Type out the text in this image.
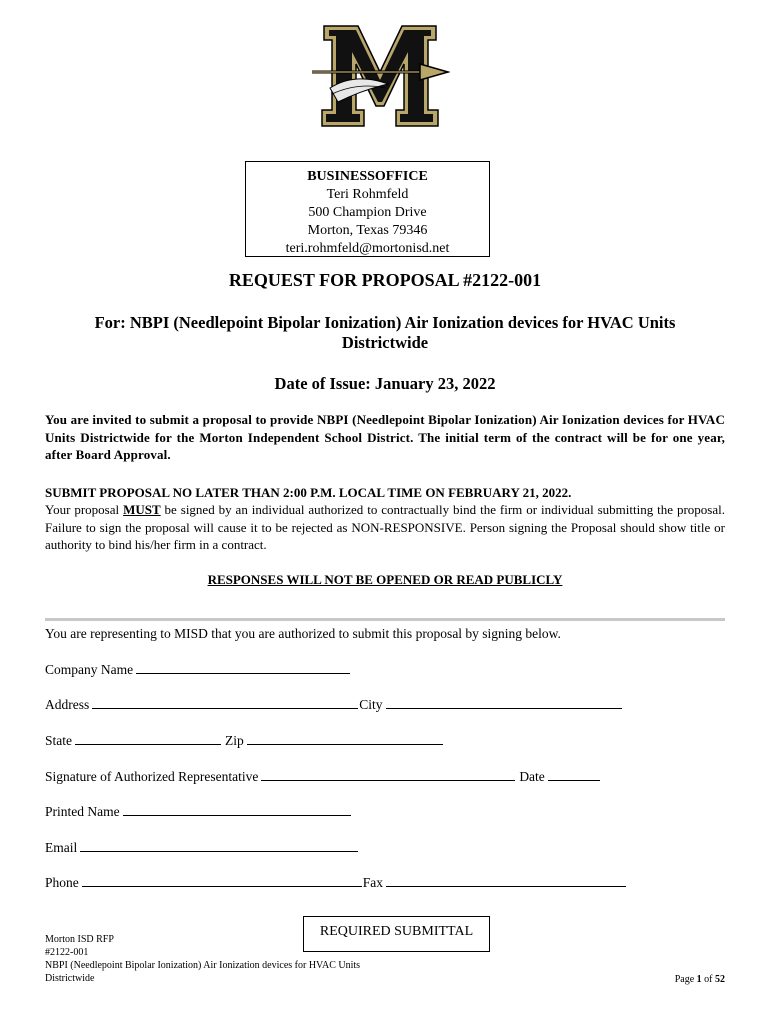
BUSINESSOFFICE
Teri Rohmfeld
500 Champion Drive
Morton, Texas 79346
teri.rohmfeld@mortonisd.net
REQUEST FOR PROPOSAL #2122-001
For: NBPI (Needlepoint Bipolar Ionization) Air Ionization devices for HVAC Units
Districtwide
Date of Issue: January 23, 2022
You are invited to submit a proposal to provide NBPI (Needlepoint Bipolar Ionization) Air Ionization devices for HVAC Units Districtwide for the Morton Independent School District. The initial term of the contract will be for one year, after Board Approval.
SUBMIT PROPOSAL NO LATER THAN 2:00 P.M. LOCAL TIME ON FEBRUARY 21, 2022.
Your proposal MUST be signed by an individual authorized to contractually bind the firm or individual submitting the proposal. Failure to sign the proposal will cause it to be rejected as NON-RESPONSIVE. Person signing the Proposal should show title or authority to bind his/her firm in a contract.
RESPONSES WILL NOT BE OPENED OR READ PUBLICLY
You are representing to MISD that you are authorized to submit this proposal by signing below.
Company Name
Address	City
State	Zip
Signature of Authorized Representative	Date
Printed Name
Email
Phone	Fax
REQUIRED SUBMITTAL
Morton ISD RFP
#2122-001
NBPI (Needlepoint Bipolar Ionization) Air Ionization devices for HVAC Units
Districtwide	Page 1 of 52
